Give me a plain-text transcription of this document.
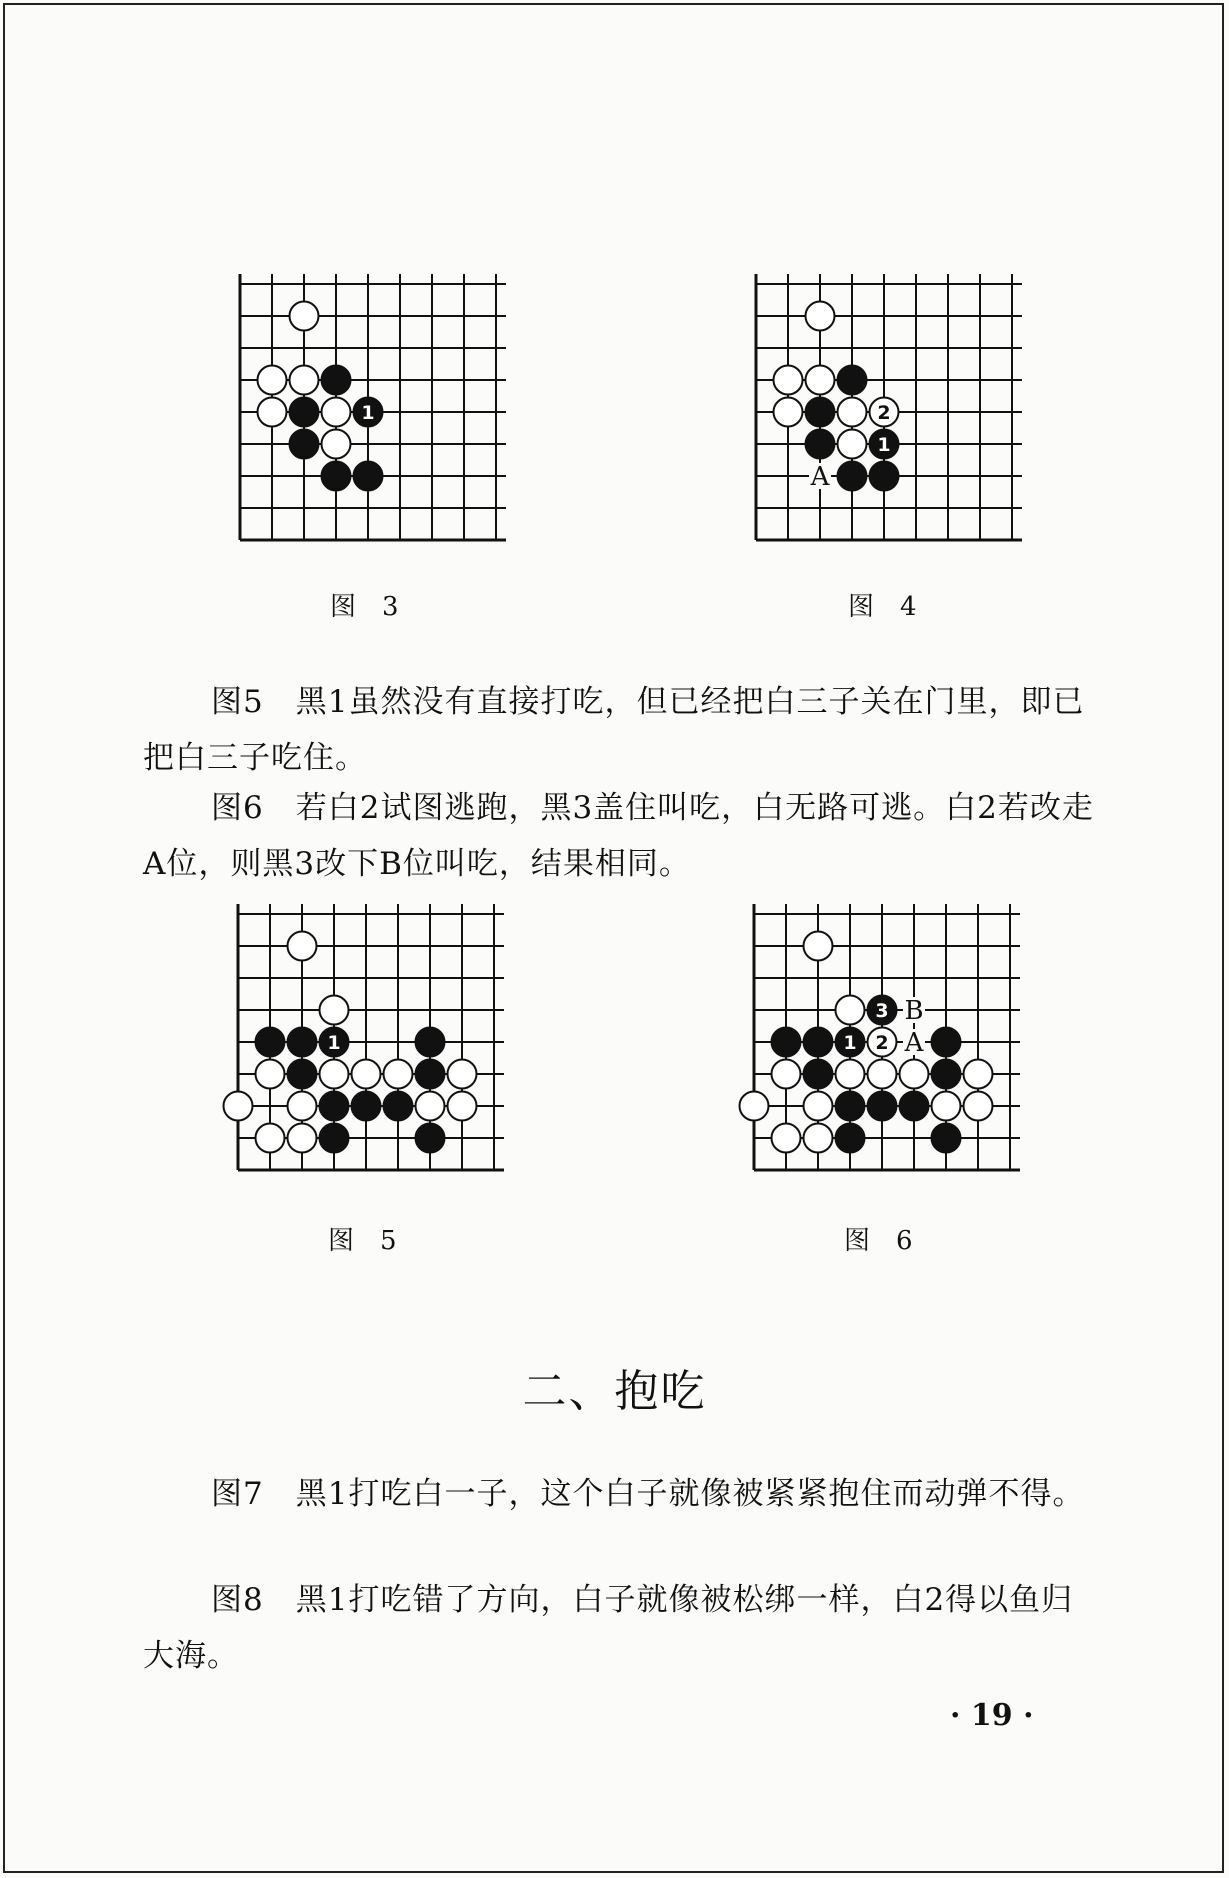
1
图 3
2
1
A
图 4

图5　黑1虽然没有直接打吃，但已经把白三子关在门里，即已把白三子吃住。

图6　若白2试图逃跑，黑3盖住叫吃，白无路可逃。白2若改走A位，则黑3改下B位叫吃，结果相同。

1
图 5
3
1 2
B
A
图 6
二、抱吃

图7　黑1打吃白一子，这个白子就像被紧紧抱住而动弹不得。

图8　黑1打吃错了方向，白子就像被松绑一样，白2得以鱼归大海。

· 19 ·
